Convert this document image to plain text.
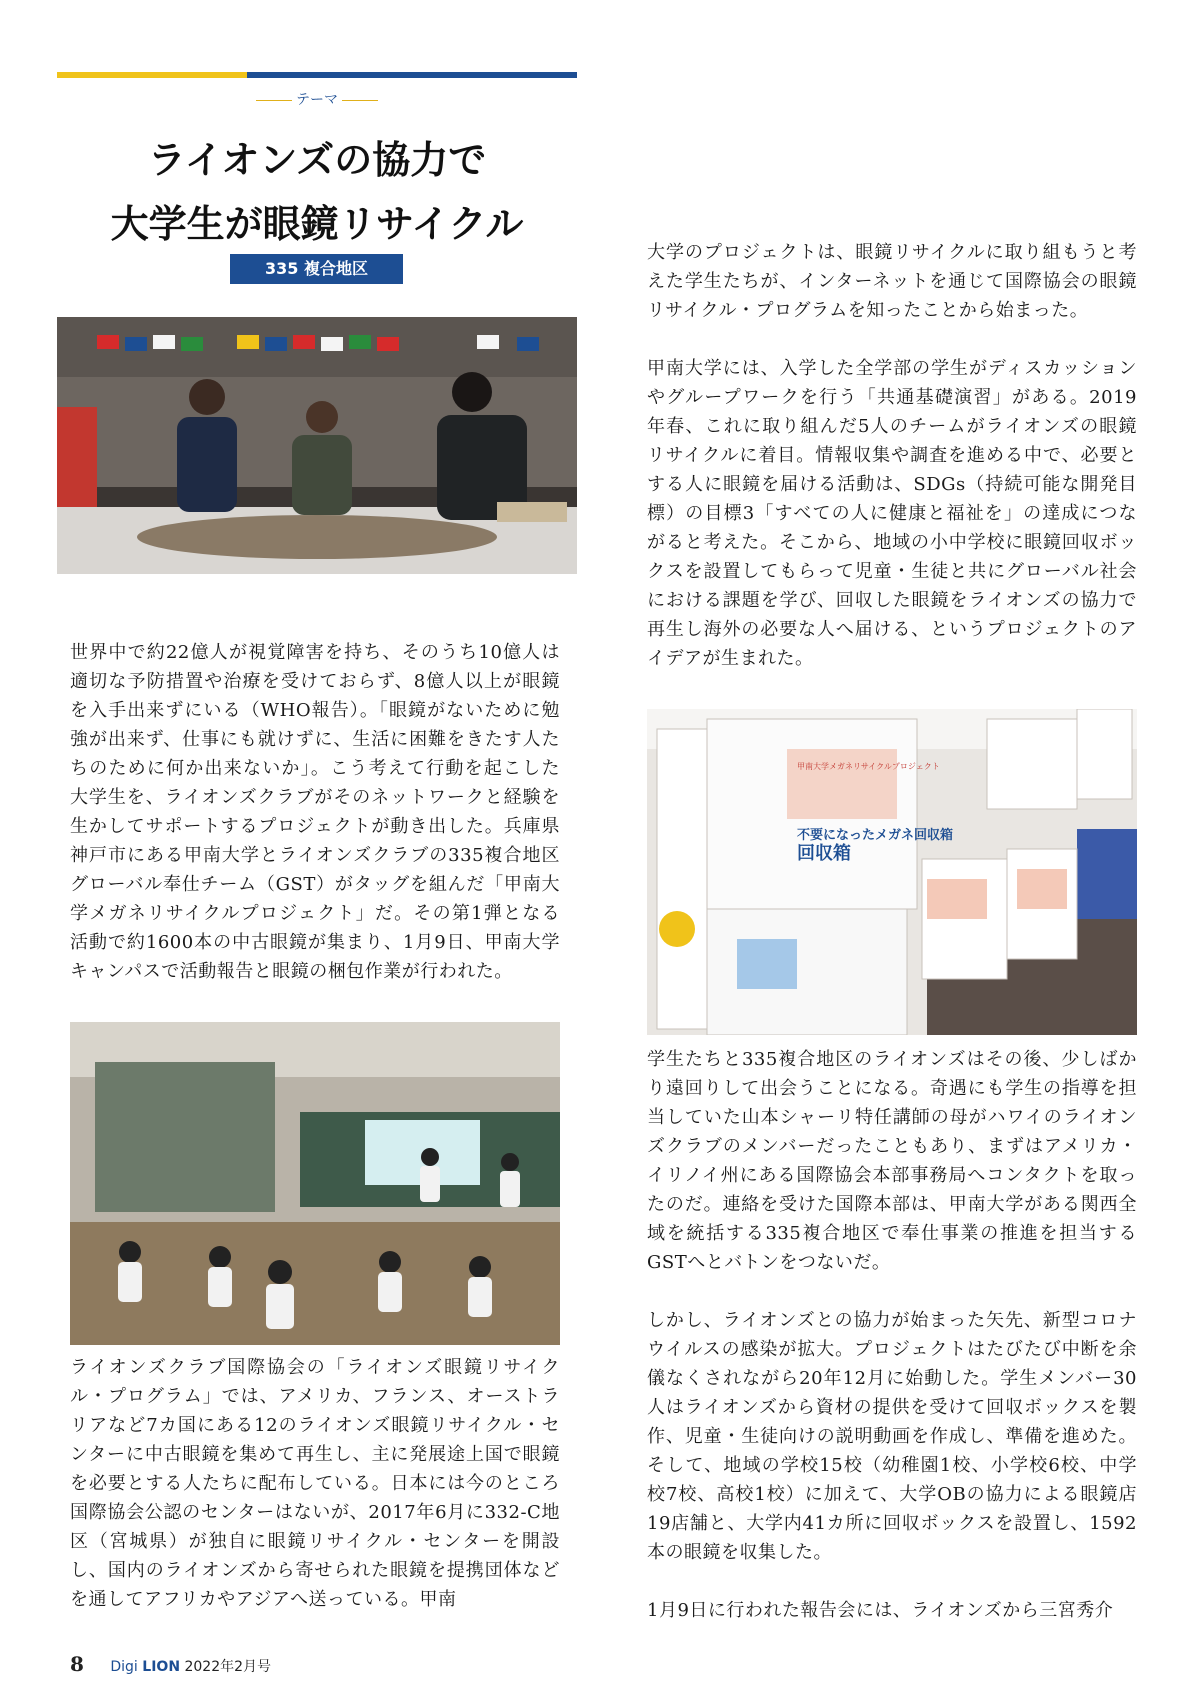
テーマ
ライオンズの協力で
大学生が眼鏡リサイクル
335 複合地区
甲南大学メガネリサイクルプロジェクト
不要になったメガネ回収箱
回収箱

世界中で約22億人が視覚障害を持ち、そのうち10億人は適切な予防措置や治療を受けておらず、8億人以上が眼鏡を入手出来ずにいる（WHO報告）。「眼鏡がないために勉強が出来ず、仕事にも就けずに、生活に困難をきたす人たちのために何か出来ないか」。こう考えて行動を起こした大学生を、ライオンズクラブがそのネットワークと経験を生かしてサポートするプロジェクトが動き出した。兵庫県神戸市にある甲南大学とライオンズクラブの335複合地区グローバル奉仕チーム（GST）がタッグを組んだ「甲南大学メガネリサイクルプロジェクト」だ。その第1弾となる活動で約1600本の中古眼鏡が集まり、1月9日、甲南大学キャンパスで活動報告と眼鏡の梱包作業が行われた。

ライオンズクラブ国際協会の「ライオンズ眼鏡リサイクル・プログラム」では、アメリカ、フランス、オーストラリアなど7カ国にある12のライオンズ眼鏡リサイクル・センターに中古眼鏡を集めて再生し、主に発展途上国で眼鏡を必要とする人たちに配布している。日本には今のところ国際協会公認のセンターはないが、2017年6月に332-C地区（宮城県）が独自に眼鏡リサイクル・センターを開設し、国内のライオンズから寄せられた眼鏡を提携団体などを通してアフリカやアジアへ送っている。甲南

大学のプロジェクトは、眼鏡リサイクルに取り組もうと考えた学生たちが、インターネットを通じて国際協会の眼鏡リサイクル・プログラムを知ったことから始まった。

甲南大学には、入学した全学部の学生がディスカッションやグループワークを行う「共通基礎演習」がある。2019年春、これに取り組んだ5人のチームがライオンズの眼鏡リサイクルに着目。情報収集や調査を進める中で、必要とする人に眼鏡を届ける活動は、SDGs（持続可能な開発目標）の目標3「すべての人に健康と福祉を」の達成につながると考えた。そこから、地域の小中学校に眼鏡回収ボックスを設置してもらって児童・生徒と共にグローバル社会における課題を学び、回収した眼鏡をライオンズの協力で再生し海外の必要な人へ届ける、というプロジェクトのアイデアが生まれた。

学生たちと335複合地区のライオンズはその後、少しばかり遠回りして出会うことになる。奇遇にも学生の指導を担当していた山本シャーリ特任講師の母がハワイのライオンズクラブのメンバーだったこともあり、まずはアメリカ・イリノイ州にある国際協会本部事務局へコンタクトを取ったのだ。連絡を受けた国際本部は、甲南大学がある関西全域を統括する335複合地区で奉仕事業の推進を担当するGSTへとバトンをつないだ。

しかし、ライオンズとの協力が始まった矢先、新型コロナウイルスの感染が拡大。プロジェクトはたびたび中断を余儀なくされながら20年12月に始動した。学生メンバー30人はライオンズから資材の提供を受けて回収ボックスを製作、児童・生徒向けの説明動画を作成し、準備を進めた。そして、地域の学校15校（幼稚園1校、小学校6校、中学校7校、高校1校）に加えて、大学OBの協力による眼鏡店19店舗と、大学内41カ所に回収ボックスを設置し、1592本の眼鏡を収集した。

1月9日に行われた報告会には、ライオンズから三宮秀介

8 Digi LION 2022年2月号
